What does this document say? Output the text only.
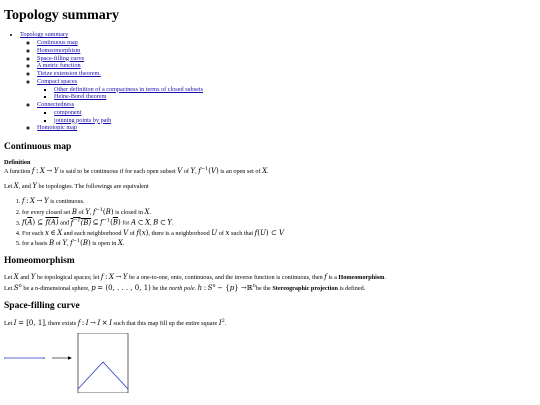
Topology summary
• Topology summary
◦ Continuous map
◦ Homeomorphism
◦ Space-filling curve
◦ A metric function
◦ Tietze extension theorem.
◦ Compact spaces
▪ Other definition of a compactness in terms of closed subsets
▪ Heine-Borel theorem
◦ Connectedness
▪ component
▪ joinning points by path
◦ Homotopic map
Continuous map
Definition

A function f : X → Y is said to be continuous if for each open subset V of Y, $f^{-1}(V)$ is an open set of X.

Let X, and Y be topologies. The followings are equivalent

1. f : X → Y is continuous.
2. for every closed set B of Y, $f^{-1}(B)$ is closed in X.
3. $f(\overline{A})$ ⊆ f(A) and $f^{-1}(B)$ ⊆ $f^{-1}(\overline{B})$ for A ⊂ X, B ⊂ Y.
4. For each x ∈ X and each neighborhood V of f(x), there is a neighborhood U of x such that f(U) ⊂ V
5. for a basis B of Y, $f^{-1}(B)$ is open in X.
Homeomorphism

Let X and Y be topological spaces; let f : X → Y be a one-to-one, onto, continuous, and the inverse function is continuous, then f is a Homeomorphism.

Let $S^n$ be a n-dimensional sphere, p = (0, . . . , 0, 1) be the north pole. h : $S^n - \{p\}$ →ℝ$^n$be the Stereographic projection is defined.

Space-filling curve

Let I = [0, 1], there exists f : I → I × I such that this map fill up the entire square $I^2$.
